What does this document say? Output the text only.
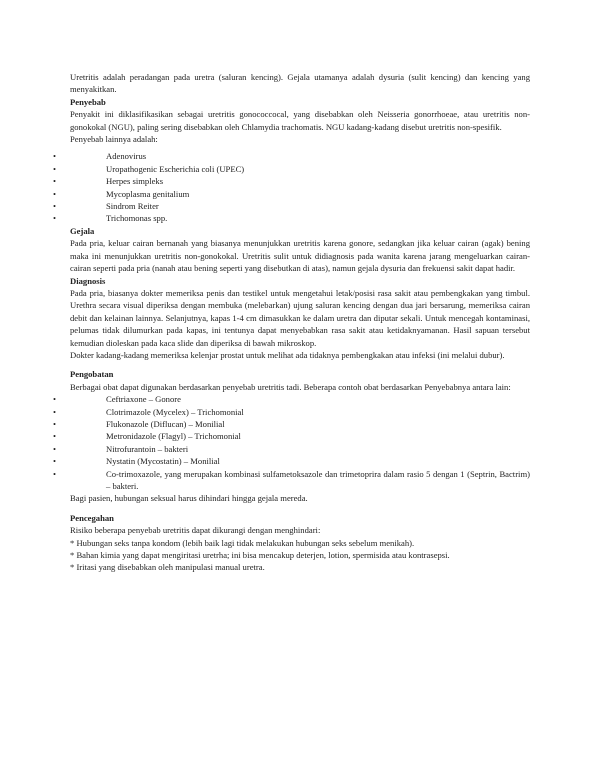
Uretritis adalah peradangan pada uretra (saluran kencing). Gejala utamanya adalah dysuria (sulit kencing) dan kencing yang menyakitkan.

Penyebab

Penyakit ini diklasifikasikan sebagai uretritis gonococcocal, yang disebabkan oleh Neisseria gonorrhoeae, atau uretritis non-gonokokal (NGU), paling sering disebabkan oleh Chlamydia trachomatis. NGU kadang-kadang disebut uretritis non-spesifik.

Penyebab lainnya adalah:

•	Adenovirus
•	Uropathogenic Escherichia coli (UPEC)
•	Herpes simpleks
•	Mycoplasma genitalium
•	Sindrom Reiter
•	Trichomonas spp.

Gejala

Pada pria, keluar cairan bernanah yang biasanya menunjukkan uretritis karena gonore, sedangkan jika keluar cairan (agak) bening maka ini menunjukkan uretritis non-gonokokal. Uretritis sulit untuk didiagnosis pada wanita karena jarang mengeluarkan cairan-cairan seperti pada pria (nanah atau bening seperti yang disebutkan di atas), namun gejala dysuria dan frekuensi sakit dapat hadir.

Diagnosis

Pada pria, biasanya dokter memeriksa penis dan testikel untuk mengetahui letak/posisi rasa sakit atau pembengkakan yang timbul. Urethra secara visual diperiksa dengan membuka (melebarkan) ujung saluran kencing dengan dua jari bersarung, memeriksa cairan debit dan kelainan lainnya. Selanjutnya, kapas 1-4 cm dimasukkan ke dalam uretra dan diputar sekali. Untuk mencegah kontaminasi, pelumas tidak dilumurkan pada kapas, ini tentunya dapat menyebabkan rasa sakit atau ketidaknyamanan. Hasil sapuan tersebut kemudian dioleskan pada kaca slide dan diperiksa di bawah mikroskop.

Dokter kadang-kadang memeriksa kelenjar prostat untuk melihat ada tidaknya pembengkakan atau infeksi (ini melalui dubur).

Pengobatan

Berbagai obat dapat digunakan berdasarkan penyebab uretritis tadi. Beberapa contoh obat berdasarkan Penyebabnya antara lain:

•	Ceftriaxone – Gonore
•	Clotrimazole (Mycelex) – Trichomonial
•	Flukonazole (Diflucan) – Monilial
•	Metronidazole (Flagyl) – Trichomonial
•	Nitrofurantoin – bakteri
•	Nystatin (Mycostatin) – Monilial
•	Co-trimoxazole, yang merupakan kombinasi sulfametoksazole dan trimetoprira dalam rasio 5 dengan 1 (Septrin, Bactrim) – bakteri.

Bagi pasien, hubungan seksual harus dihindari hingga gejala mereda.

Pencegahan

Risiko beberapa penyebab uretritis dapat dikurangi dengan menghindari:

* Hubungan seks tanpa kondom (lebih baik lagi tidak melakukan hubungan seks sebelum menikah).
* Bahan kimia yang dapat mengiritasi uretrha; ini bisa mencakup deterjen, lotion, spermisida atau kontrasepsi.
* Iritasi yang disebabkan oleh manipulasi manual uretra.
